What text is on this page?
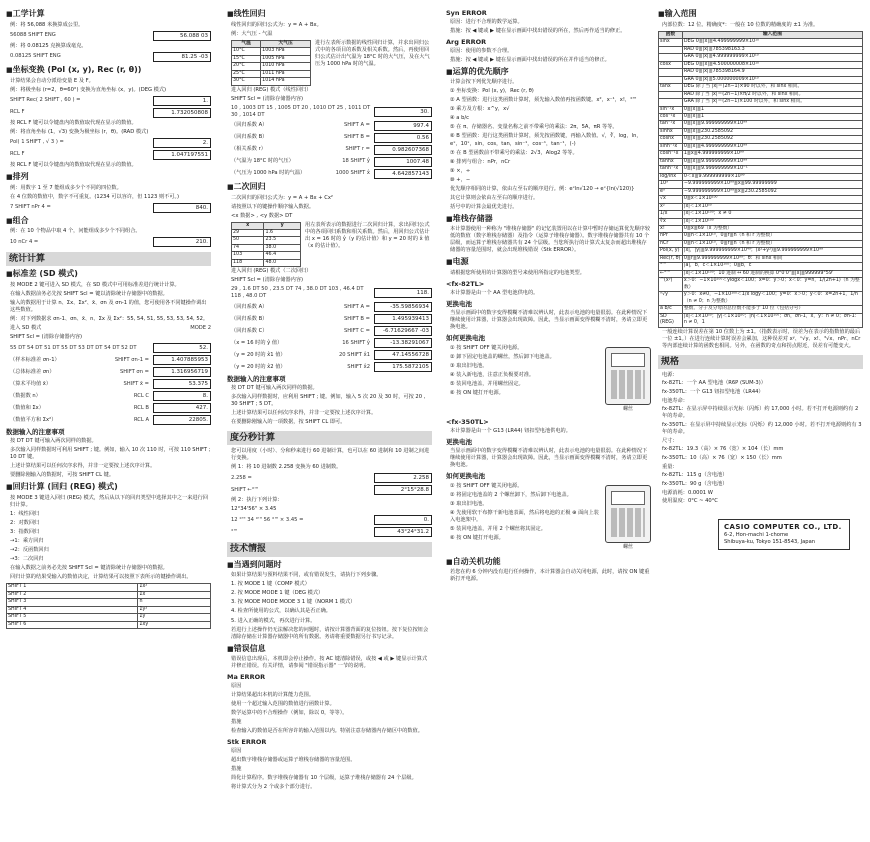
■ 工学计算
例：将 56,088 米换算成公里。
56088 SHIFT ENG	56.088 03
例：将 0.08125 克换算成毫克。
0.08125 SHIFT ENG	81.25 -03
■ 坐标变换 (Pol (x, y), Rec (r, θ))
计算结果会自动分派给变量 E 及 F。
例：将极坐标 (r=2，θ=60°) 变换为直角坐标 (x，y)。(DEG 模式)
SHIFT Rec( 2 SHIFT , 60 ) =	1.
RCL F	1.732050808
按 RCL F 键可以令键盘内的数值取代现在显示的数值。
例：将直角坐标 (1，√3) 变换为极坐标 (r，θ)。(RAD 模式)
Pol( 1 SHIFT , √ 3 ) =	2.
RCL F	1.047197551
按 RCL F 键可以令键盘内的数值取代现在显示的数值。
■ 排列
例：用数字 1 至 7 能组成多少个不同的四位数。
在 4 位数的数值中，数字不可重复。(1234 可以容许，但 1123 则不可。)
7 SHIFT nPr 4 =	840.
■ 组合
例：在 10 个物品中取 4 个，问能组成多少个不同组合。
10 nCr 4 =	210.
统计计算
■ 标准差 (SD 模式)
按 MODE 2 键可进入 SD 模式，在 SD 模式中可用标准差进行统计计算。
在输入数据前务必先按 SHIFT Scl = 键以清除统计存储器中的数据。
输入的数据用于计算 n、Σx、Σx²、x̄、σn 及 σn-1 的值，您可使用各不同键操作调出这些数值。
例：对下列数据求 σn-1、σn、x̄、n、Σx 及 Σx²：55, 54, 51, 55, 53, 53, 54, 52。
进入 SD 模式	MODE 2
SHIFT Scl = (清除存储器内容)
55 DT 54 DT 51 DT 55 DT 53 DT DT 54 DT 52 DT	52.
（样本标准差 σn-1）	SHIFT σn-1 =	1.407885953
（总体标准差 σn）	SHIFT σn =	1.316956719
（算术平均值 x̄）	SHIFT x̄ =	53.375
（数据数 n）	RCL C	8.
（数值和 Σx）	RCL B	427.
（数值平方和 Σx²）	RCL A	22805.
数据输入的注意事项
按 DT DT 键可输入两次同样的数据。
多次输入同样数据时可利用 SHIFT ; 键。例如，输入 10 次 110 时，可按 110 SHIFT ; 10 DT 键。
上述计算结果可以任何次序求得，并非一定要按上述次序计算。
要删除刚输入的数据时，可按 SHIFT CL 键。
■ 回归计算 (回归 (REG) 模式)
按 MODE 3 键进入回归 (REG) 模式，然后从以下的回归类型中选择其中之一来进行回归计算。
1：线性回归
2：对数回归
3：指数回归
→1：乘方回归
→2：反函数回归
→3：二次回归
在输入数据之前务必先按 SHIFT Scl = 键清除统计存储器中的数据。
回归计算的结果受输入的数值决定，计算结果可以按照下表所示的键操作调出。
SHIFT 1	Σx²
SHIFT 2	Σx
SHIFT 3	n
SHIFT 4	Σy²
SHIFT 5	Σy
SHIFT 6	Σxy
■ 线性回归
线性回归的回归公式为：y = A + Bx。
例：大气压 - 气温
气温	大气压
10°C	1003 hPa
15°C	1005 hPa
20°C	1010 hPa
25°C	1011 hPa
30°C	1014 hPa
进行左表所示数据的线性回归计算，并求出回归公式中的各项目的系数及相关系数。然后，再使用回归公式估计出气温为 18°C 时的大气压，及在大气压为 1000 hPa 时的气温。
进入回归 (REG) 模式（线性回归）
SHIFT Scl = (清除存储器内容)
10 , 1003 DT 15 , 1005 DT 20 , 1010 DT 25 , 1011 DT 30 , 1014 DT	30.
（回归系数 A）	SHIFT A =	997.4
（回归系数 B）	SHIFT B =	0.56
（相关系数 r）	SHIFT r =	0.982607368
（气温为 18°C 时的气压）	18 SHIFT ŷ	1007.48
（气压为 1000 hPa 时的气温）	1000 SHIFT x̂	4.642857143
■ 二次回归
二次回归的回归公式为：y = A + Bx + Cx²
请按照以下的键操作顺序输入数据。
<x 数据> , <y 数据> DT
x	y
29	1.6
50	23.5
74	38.0
103	46.4
118	48.0
用左表所表示的数据进行二次回归计算，求出回归公式中的各项回归系数和相关系数。然后，用回归公式估计出 x = 16 时的 ŷ（y 的估计值）和 y = 20 时的 x̂ 值（x 的估计值）。
进入回归 (REG) 模式（二次回归）
SHIFT Scl = (清除存储器内容)
29 , 1.6 DT 50 , 23.5 DT 74 , 38.0 DT 103 , 46.4 DT 118 , 48.0 DT	118.
（回归系数 A）	SHIFT A =	-35.59856934
（回归系数 B）	SHIFT B =	1.495939413
（回归系数 C）	SHIFT C =	-6.71629667 -03
（x = 16 时的 ŷ 值）	16 SHIFT ŷ	-13.38291067
（y = 20 时的 x̂1 值）	20 SHIFT x̂1	47.14556728
（y = 20 时的 x̂2 值）	SHIFT x̂2	175.5872105
数据输入的注意事项
按 DT DT 键可输入两次同样的数据。
多次输入同样数据时，应利用 SHIFT ; 键。例如，输入 5 次 20 及 30 时，可按 20 , 30 SHIFT ; 5 DT。
上述计算结果可以任何次序求得，并非一定要按上述次序计算。
在要删除刚输入的一项数据，按 SHIFT CL 即可。
度分秒计算
您可以用度（小时）、分和秒来进行 60 进制计算，也可以在 60 进制和 10 进制之间进行变换。
例 1：将 10 进制数 2.258 变换为 60 进制数。
2.258 =	2.258
SHIFT ←°'"	2°15°28.8
例 2：执行下列计算：
12°34'56" × 3.45
12 °'" 34 °'" 56 °'" × 3.45 =	0.
°'"	43°24°31.2
技术情报
■ 当遇到问题时
如果计算结果与预料结果不同，或有错误发生，请执行下列步骤。
1. 按 MODE 1 键（COMP 模式）
2. 按 MODE MODE 1 键（DEG 模式）
3. 按 MODE MODE MODE 3 1 键（NORM 1 模式）
4. 检查所使用的公式，以确认其是否正确。
5. 进入正确的模式，再次进行计算。
若进行上述操作仍无法解决您的问题时，请按计算器背面的复位按钮。按下复位按钮会清除存储在计算器存储器中的所有数据。务请将重要数据另行书写记录。
■ 错误信息
错误信息出现后，本机即会停止操作。按 AC 键清除错误，或按 ◀ 或 ▶ 键显示计算式并修正错误。有关详情，请参阅 "错误指示器" 一节的说明。
Ma ERROR
原因
计算结果超出本机的计算能力范围。
使用一个超过输入范围的数值进行函数计算。
数学运算中的不合理操作（例如，除以 0，等等）。
措施
检查输入的数值是否在所容许的输入范围以内。特别注意存储器内存储区中的数值。
Stk ERROR
原因
超出数字堆栈存储器或运算子堆栈存储器的容量范围。
措施
简化计算程序。数字堆栈存储器有 10 个层级，运算子堆栈存储器有 24 个层级。
将计算式分为 2 个或多个部分进行。
Syn ERROR
原因：进行不合理的数学运算。
措施：按 ◀ 键或 ▶ 键在显示画面中找出错误的所在，然后再作适当的修正。
Arg ERROR
原因：使用的参数不合理。
措施：按 ◀ 键或 ▶ 键在显示画面中找出错误的所在并作适当的修正。
■ 运算的优先顺序
计算会按下列优先顺序进行。
① 坐标变换：Pol (x, y)，Rec (r, θ)
② A 型函数：进行这类函数计算时，须先输入数值再按函数键。x²，x⁻¹，x!，°'"
③ 乘方及方根：x^y，x√
④ a b/c
⑤ 在 π、存储器名、变量名称之前不带乘号的乘法：2π，5A，πR 等等。
⑥ B 型函数：进行这类函数计算时，须先按函数键，再输入数值。√，∛，log，ln，eˣ，10ˣ，sin，cos，tan，sin⁻¹，cos⁻¹，tan⁻¹，(-)
⑦ 在 B 型函数前不带乘号的乘法：2√3，Alog2 等等。
⑧ 排列与组合：nPr，nCr
⑨ ×，÷
⑩ +，−
优先顺序相同的计算，依由左至右的顺序进行。例：eˣln√120 → eˣ{ln(√120)}
其它计算则会依由左至右的顺序进行。
括号中的计算会最优先进行。
■ 堆栈存储器
本计算器使用一种称为 "堆栈存储器" 的记忆装置用以在计算中暂时存储运算优先顺序较低的数值（数字堆栈存储器）及指令（运算子堆栈存储器）。数字堆栈存储器共有 10 个层级，而运算子堆栈存储器共有 24 个层级。当您所执行的计算式太复杂而超出堆栈存储器的容量范围时，就会出现堆栈错误（Stk ERROR）。
■ 电源
请根据您所使用的计算器的型号来使用所指定的电池类型。
<fx-82TL>
本计算器是由一个 AA 型电池供电的。
更换电池
当显示画面中的数字变得模糊不清难以辨认时，此表示电池的电量很弱。在此种情况下继续使用计算器，计算器会出现故障。因此，当显示画面变得模糊不清时，务请立即更换电池。
如何更换电池
① 按 SHIFT OFF 键关闭电源。
② 卸下固定电池盖的螺丝，然后卸下电池盖。
③ 取出旧电池。
④ 装入新电池，注意正负极要对准。
⑤ 装回电池盖，并用螺丝固定。
⑥ 按 ON 键打开电源。
螺丝
<fx-350TL>
本计算器是由一个 G13 (LR44) 钮扣型电池供电的。
更换电池
当显示画面中的数字变得模糊不清难以辨认时，此表示电池的电量很弱。在此种情况下继续使用计算器，计算器会出现故障。因此，当显示画面变得模糊不清时，务请立即更换电池。
如何更换电池
① 按 SHIFT OFF 键关闭电源。
② 将固定电池盖的 2 个螺丝卸下，然后卸下电池盖。
③ 取出旧电池。
④ 先使用软干布擦干新电池表面，然后将电池的正极 ⊕ 面向上装入电池架中。
⑤ 装回电池盖，并用 2 个螺丝将其固定。
⑥ 按 ON 键打开电源。
螺丝
■ 自动关机功能
若您在约 6 分钟内没有进行任何操作，本计算器会自动关闭电源，此时，请按 ON 键重新打开电源。
■ 输入范围
内部位数：12 位。精确度*：一般在 10 位数的精确度的 ±1 为准。
函数	输入范围
sinx	DEG 0≦|x|≦4.499999999×10¹⁰
	RAD 0≦|x|≦785398163.3
	GRA 0≦|x|≦4.999999999×10¹⁰
cosx	DEG 0≦|x|≦4.500000008×10¹⁰
	RAD 0≦|x|≦785398164.9
	GRA 0≦|x|≦5.000000009×10¹⁰
tanx	DEG 除了当 |x|＝(2n−1)×90 时以外，和 sinx 相同。
	RAD 除了当 |x|＝(2n−1)×π/2 时以外，和 sinx 相同。
	GRA 除了当 |x|＝(2n−1)×100 时以外，和 sinx 相同。
sin⁻¹x	0≦|x|≦1
cos⁻¹x	0≦|x|≦1
tan⁻¹x	0≦|x|≦9.999999999×10⁹⁹
sinhx	0≦|x|≦230.2585092
coshx	0≦|x|≦230.2585092
sinh⁻¹x	0≦|x|≦4.999999999×10⁹⁹
cosh⁻¹x	1≦x≦4.999999999×10⁹⁹
tanhx	0≦|x|≦9.999999999×10⁹⁹
tanh⁻¹x	0≦|x|≦9.999999999×10⁻¹
log/lnx	0＜x≦9.999999999×10⁹⁹
10ˣ	−9.999999999×10⁹⁹≦x≦99.99999999
eˣ	−9.999999999×10⁹⁹≦x≦230.2585092
√x	0≦x＜1×10¹⁰⁰
x²	|x|＜1×10⁵⁰
1/x	|x|＜1×10¹⁰⁰；x ≠ 0
∛x	|x|＜1×10¹⁰⁰
x!	0≦x≦69（x 为整数）
nPr	0≦n＜1×10¹⁰，0≦r≦n（n 和 r 为整数）
nCr	0≦n＜1×10¹⁰，0≦r≦n（n 和 r 为整数）
Pol(x, y)	|x|，|y|≦9.999999999×10⁴⁹；(x²+y²)≦9.999999999×10⁹⁹
Rec(r, θ)	0≦r≦9.999999999×10⁹⁹；θ：和 sinx 相同
°'"	|a|，b，c＜1×10¹⁰⁰；0≦b，c
←°'"	|x|＜1×10¹⁰⁰；10 进制 ↔ 60 进制的换算 0°0'0"≦|x|≦999999°59'
^(xʸ)	x＞0：−1×10¹⁰⁰＜ylogx＜100；x=0：y＞0；x＜0：y=n，1/(2n+1)（n 为整数）
ˣ√y	y＞0：x≠0，−1×10¹⁰⁰＜1/x logy＜100；y=0：x＞0；y＜0：x=2n+1，1/n（n ≠ 0；n 为整数）
a b/c	整数、分子及分母的总位数不能多于 10 位（包括分号）
SD (REG)	|x|＜1×10⁵⁰；|y|＜1×10⁵⁰；|n|＜1×10¹⁰⁰；σn，σn-1，x̄，ȳ：n ≠ 0；σn-1：n ≠ 0，1
一般连续计算误差在第 10 位数上为 ±1。（指数表示时，误差为在表示的指数值的最后一位 ±1。）在进行连续计算时误差会累加，这种误差对 xʸ、ˣ√y、x!、³√x、nPr、nCr 等内部连续计算的函数也相同。另外，在函数的奇点和拐点附近，误差有可能变大。
规格
电源：
fx-82TL：一个 AA 型电池（R6P (SUM-3)）
fx-350TL：一个 G13 钮扣型电池（LR44）
电池寿命：
fx-82TL：在显示屏中持续显示光标（闪烁）约 17,000 小时。若不打开电源则约有 2 年的寿命。
fx-350TL：在显示屏中持续显示光标（闪烁）约 12,000 小时。若不打开电源则约有 3 年的寿命。
尺寸：
fx-82TL：19.3（高）× 76（宽）× 104（长）mm
fx-350TL：10（高）× 76（宽）× 150（长）mm
重量：
fx-82TL：115 g（含电池）
fx-350TL：90 g（含电池）
电源消耗：0.0001 W
使用温度：0°C ~ 40°C
CASIO COMPUTER CO., LTD.
6-2, Hon-machi 1-chome
Shibuya-ku, Tokyo 151-8543, Japan
